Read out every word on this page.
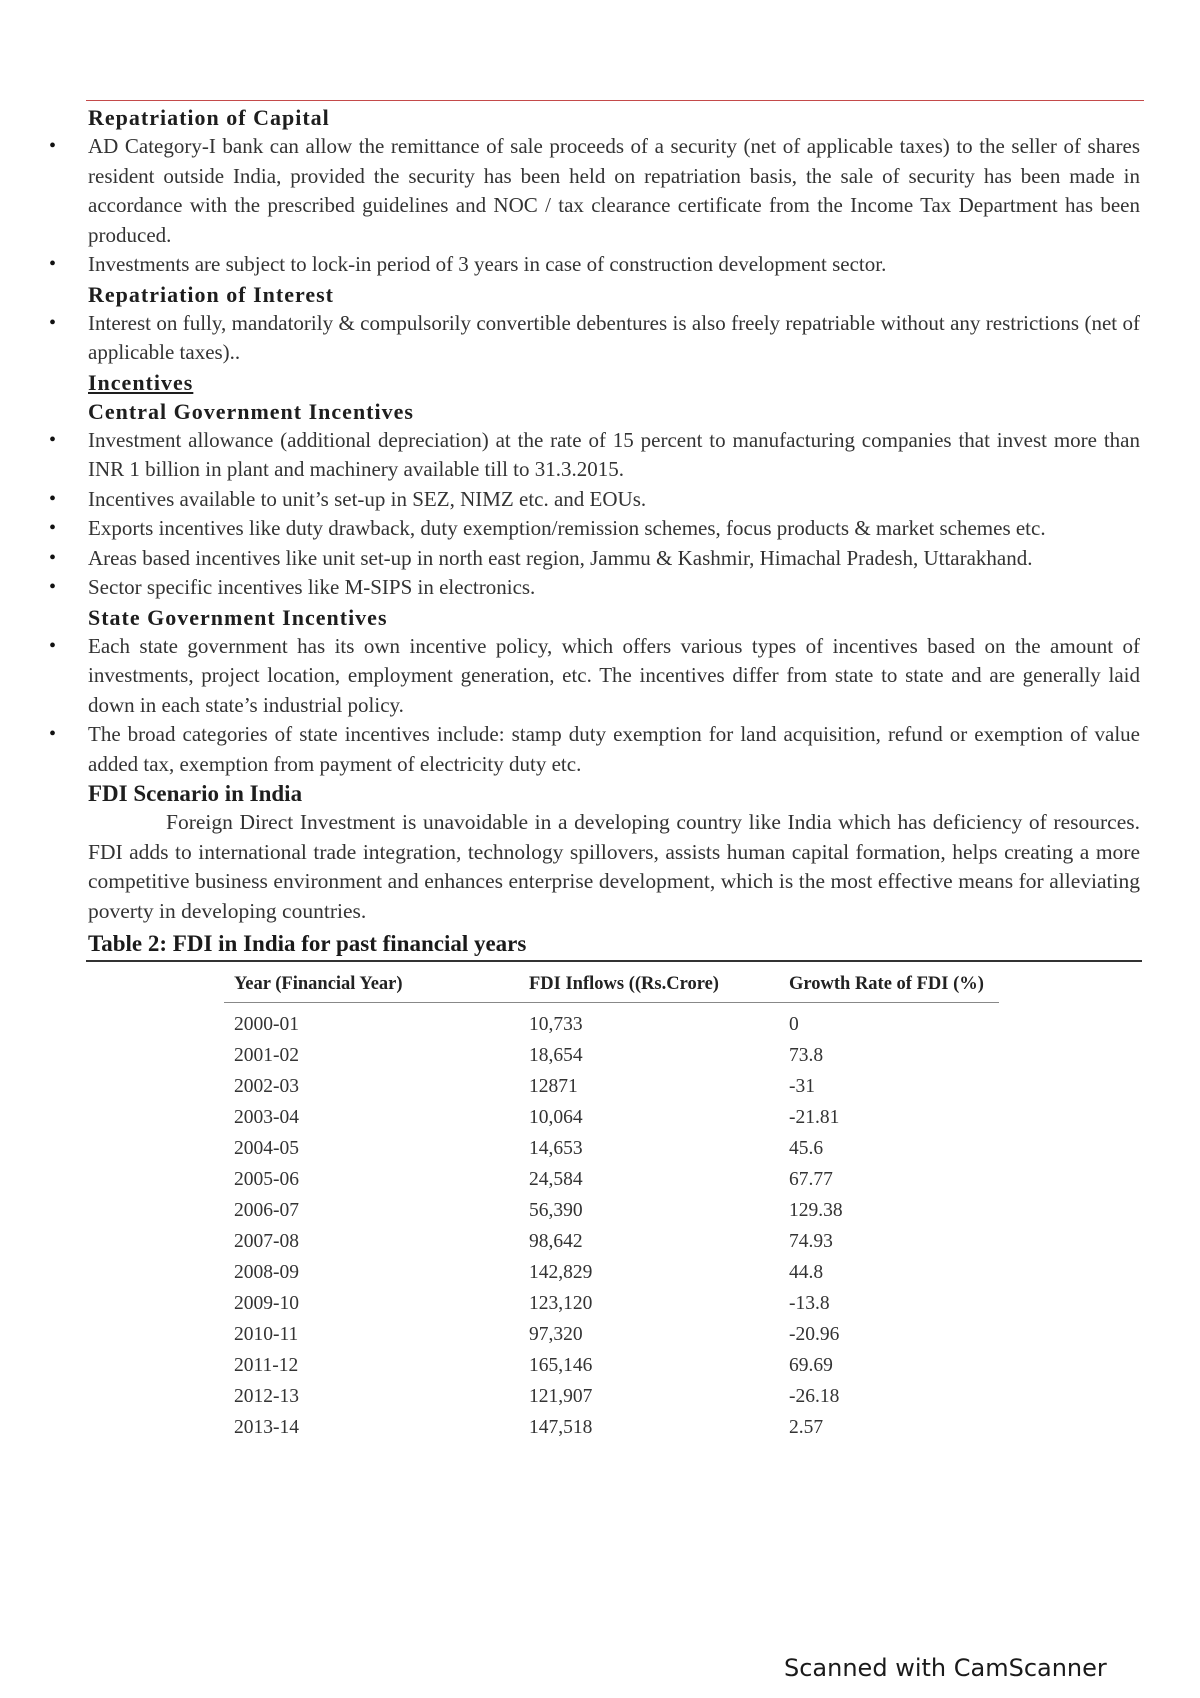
Repatriation of Capital
• AD Category-I bank can allow the remittance of sale proceeds of a security (net of applicable taxes) to the seller of shares resident outside India, provided the security has been held on repatriation basis, the sale of security has been made in accordance with the prescribed guidelines and NOC / tax clearance certificate from the Income Tax Department has been produced.
• Investments are subject to lock-in period of 3 years in case of construction development sector.
Repatriation of Interest
• Interest on fully, mandatorily & compulsorily convertible debentures is also freely repatriable without any restrictions (net of applicable taxes)..
Incentives
Central Government Incentives
• Investment allowance (additional depreciation) at the rate of 15 percent to manufacturing companies that invest more than INR 1 billion in plant and machinery available till to 31.3.2015.
• Incentives available to unit’s set-up in SEZ, NIMZ etc. and EOUs.
• Exports incentives like duty drawback, duty exemption/remission schemes, focus products & market schemes etc.
• Areas based incentives like unit set-up in north east region, Jammu & Kashmir, Himachal Pradesh, Uttarakhand.
• Sector specific incentives like M-SIPS in electronics.
State Government Incentives
• Each state government has its own incentive policy, which offers various types of incentives based on the amount of investments, project location, employment generation, etc. The incentives differ from state to state and are generally laid down in each state’s industrial policy.
• The broad categories of state incentives include: stamp duty exemption for land acquisition, refund or exemption of value added tax, exemption from payment of electricity duty etc.
FDI Scenario in India

Foreign Direct Investment is unavoidable in a developing country like India which has deficiency of resources. FDI adds to international trade integration, technology spillovers, assists human capital formation, helps creating a more competitive business environment and enhances enterprise development, which is the most effective means for alleviating poverty in developing countries.

Table 2: FDI in India for past financial years
Year (Financial Year)	FDI Inflows ((Rs.Crore)	Growth Rate of FDI (%)
2000-01	10,733	0
2001-02	18,654	73.8
2002-03	12871	-31
2003-04	10,064	-21.81
2004-05	14,653	45.6
2005-06	24,584	67.77
2006-07	56,390	129.38
2007-08	98,642	74.93
2008-09	142,829	44.8
2009-10	123,120	-13.8
2010-11	97,320	-20.96
2011-12	165,146	69.69
2012-13	121,907	-26.18
2013-14	147,518	2.57
Scanned with CamScanner
